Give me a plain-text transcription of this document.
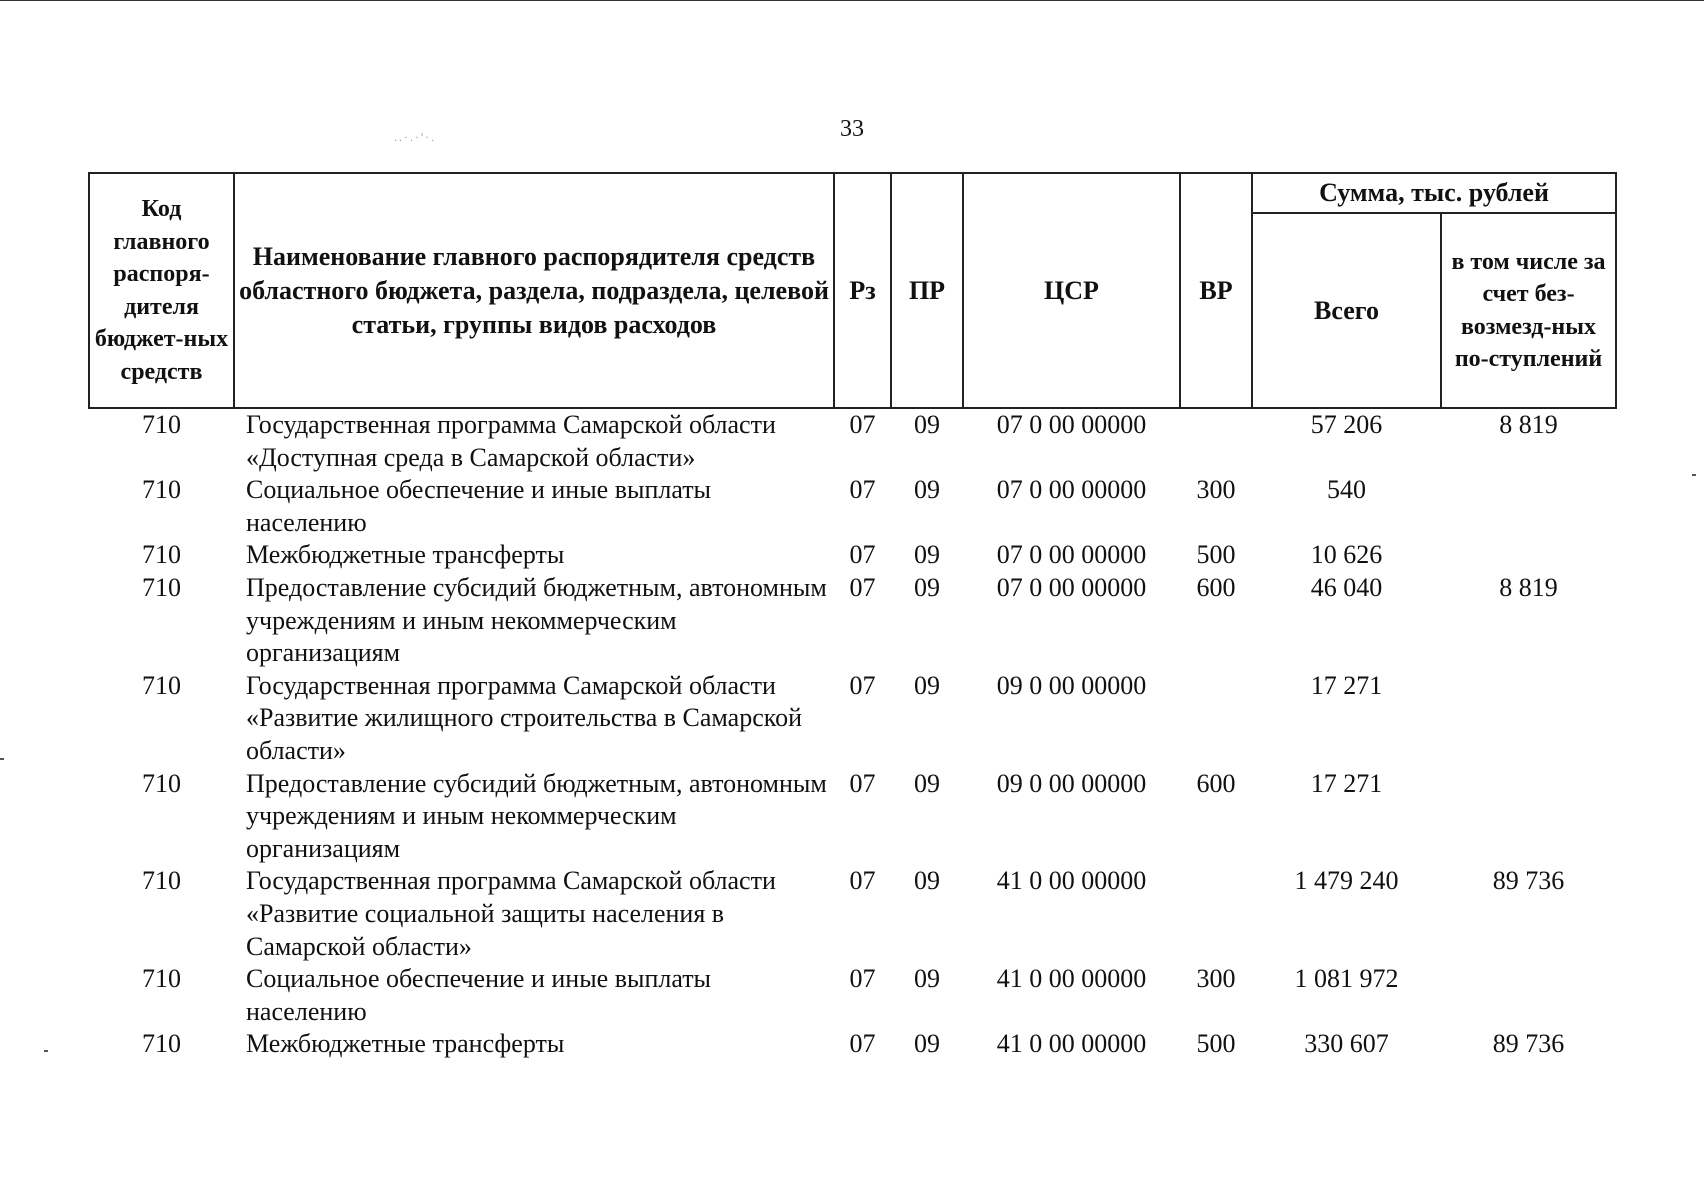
..·.·'·.	33
Код главного распоря-дителя бюджет-ных средств	Наименование главного распорядителя средств областного бюджета, раздела, подраздела, целевой статьи, группы видов расходов	Рз	ПР	ЦСР	ВР	Сумма, тыс. рублей	
						Всего	в том числе за счет без-возмезд-ных по-ступлений
710	Государственная программа Самарской области «Доступная среда в Самарской области»	07	09	07 0 00 00000		57 206	8 819
710	Социальное обеспечение и иные выплаты населению	07	09	07 0 00 00000	300	540	
710	Межбюджетные трансферты	07	09	07 0 00 00000	500	10 626	
710	Предоставление субсидий бюджетным, автономным учреждениям и иным некоммерческим организациям	07	09	07 0 00 00000	600	46 040	8 819
710	Государственная программа Самарской области «Развитие жилищного строительства в Самарской области»	07	09	09 0 00 00000		17 271	
710	Предоставление субсидий бюджетным, автономным учреждениям и иным некоммерческим организациям	07	09	09 0 00 00000	600	17 271	
710	Государственная программа Самарской области «Развитие социальной защиты населения в Самарской области»	07	09	41 0 00 00000		1 479 240	89 736
710	Социальное обеспечение и иные выплаты населению	07	09	41 0 00 00000	300	1 081 972	
710	Межбюджетные трансферты	07	09	41 0 00 00000	500	330 607	89 736
